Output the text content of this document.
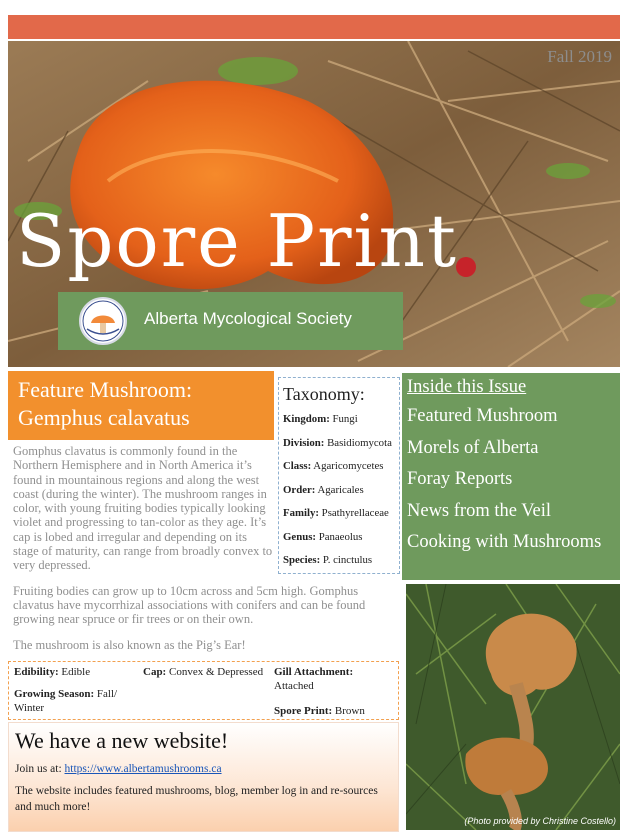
Fall 2019
Spore Print
Alberta Mycological Society
Feature Mushroom:
Gemphus calavatus

Gomphus clavatus is commonly found in the Northern Hemisphere and in North America it’s found in mountainous regions and along the west coast (during the winter). The mushroom ranges in color, with young fruiting bodies typically looking violet and progressing to tan-color as they age. It’s cap is lobed and irregular and depending on its stage of maturity, can range from broadly convex to very depressed.

Fruiting bodies can grow up to 10cm across and 5cm high. Gomphus clavatus have mycorrhizal associations with conifers and can be found growing near spruce or fir trees or on their own.

The mushroom is also known as the Pig’s Ear!

Taxonomy:
Kingdom: Fungi
Division: Basidiomycota
Class: Agaricomycetes
Order: Agaricales
Family: Psathyrellaceae
Genus: Panaeolus
Species: P. cinctulus
Inside this Issue
Featured Mushroom
Morels of Alberta
Foray Reports
News from the Veil
Cooking with Mushrooms
Edibility: Edible	Cap: Convex & Depressed Gill Attachment:
Attached
Growing Season: Fall/ Winter	Spore Print: Brown
We have a new website!
Join us at: https://www.albertamushrooms.ca
The website includes featured mushrooms, blog, member log in and re-sources and much more!
(Photo provided by Christine Costello)
